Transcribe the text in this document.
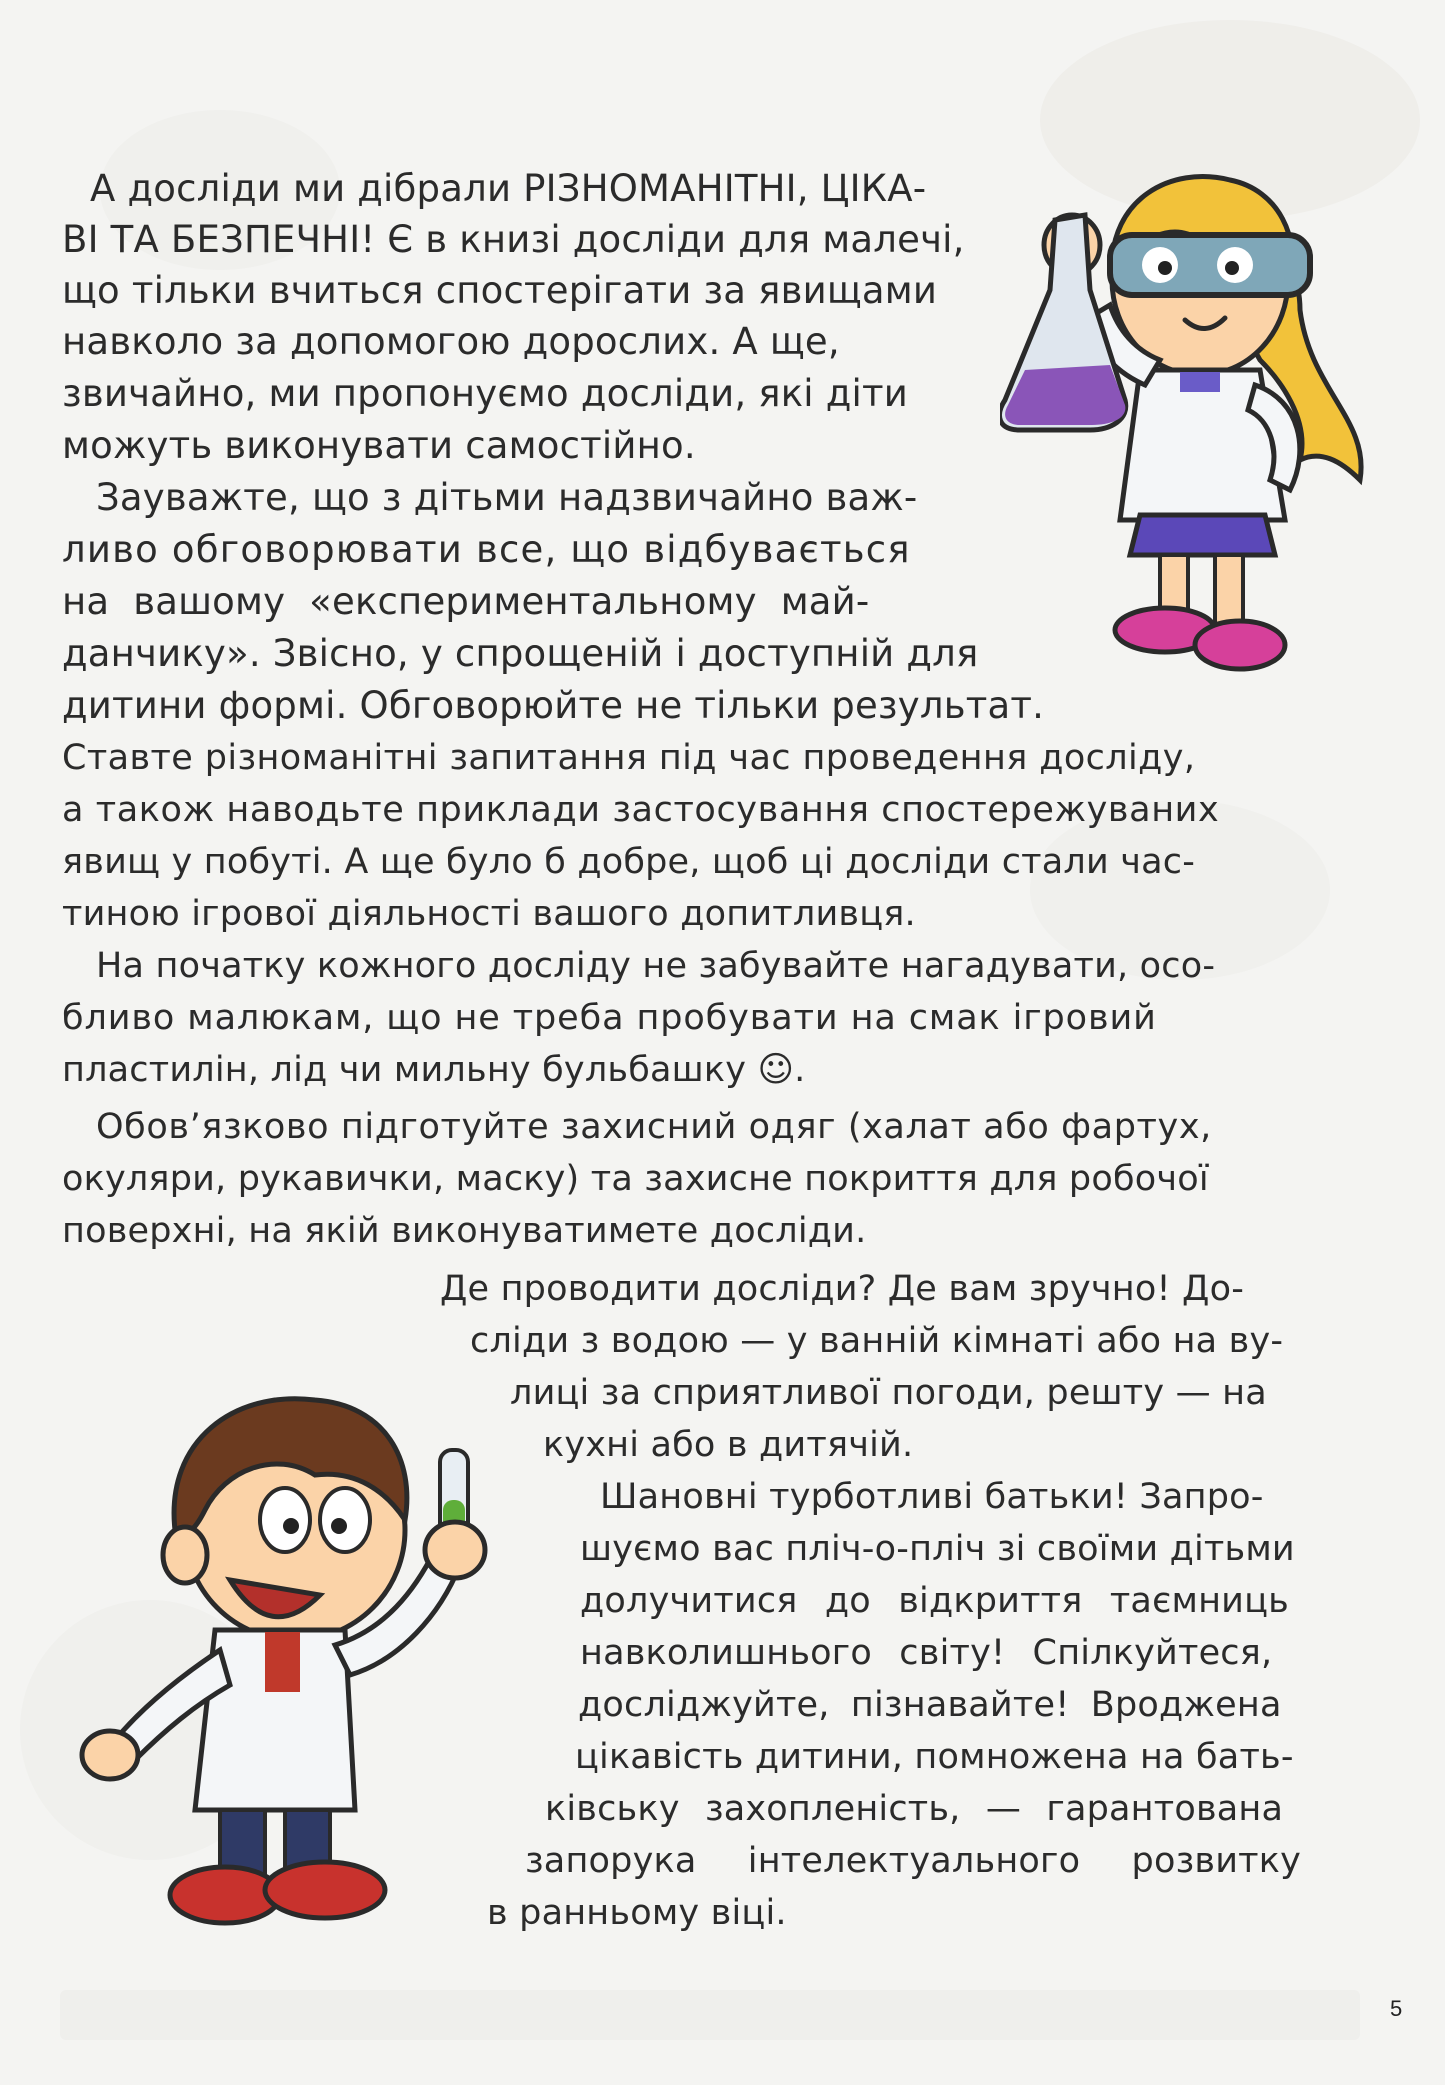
А досліди ми дібрали РІЗНОМАНІТНІ, ЦІКА-

ВІ ТА БЕЗПЕЧНІ! Є в книзі досліди для малечі,

що тільки вчиться спостерігати за явищами

навколо за допомогою дорослих. А ще,

звичайно, ми пропонуємо досліди, які діти

можуть виконувати самостійно.

Зауважте, що з дітьми надзвичайно важ-

ливо обговорювати все, що відбувається

на вашому «експериментальному май-

данчику». Звісно, у спрощеній і доступній для

дитини формі. Обговорюйте не тільки результат.

Ставте різноманітні запитання під час проведення досліду,

а також наводьте приклади застосування спостережуваних

явищ у побуті. А ще було б добре, щоб ці досліди стали час-

тиною ігрової діяльності вашого допитливця.

На початку кожного досліду не забувайте нагадувати, осо-

бливо малюкам, що не треба пробувати на смак ігровий

пластилін, лід чи мильну бульбашку ☺.

Обов’язково підготуйте захисний одяг (халат або фартух,

окуляри, рукавички, маску) та захисне покриття для робочої

поверхні, на якій виконуватимете досліди.

Де проводити досліди? Де вам зручно! До-

сліди з водою — у ванній кімнаті або на ву-

лиці за сприятливої погоди, решту — на

кухні або в дитячій.

Шановні турботливі батьки! Запро-

шуємо вас пліч-о-пліч зі своїми дітьми

долучитися до відкриття таємниць

навколишнього світу! Спілкуйтеся,

досліджуйте, пізнавайте! Вроджена

цікавість дитини, помножена на бать-

ківську захопленість, — гарантована

запорука інтелектуального розвитку

в ранньому віці.

5
